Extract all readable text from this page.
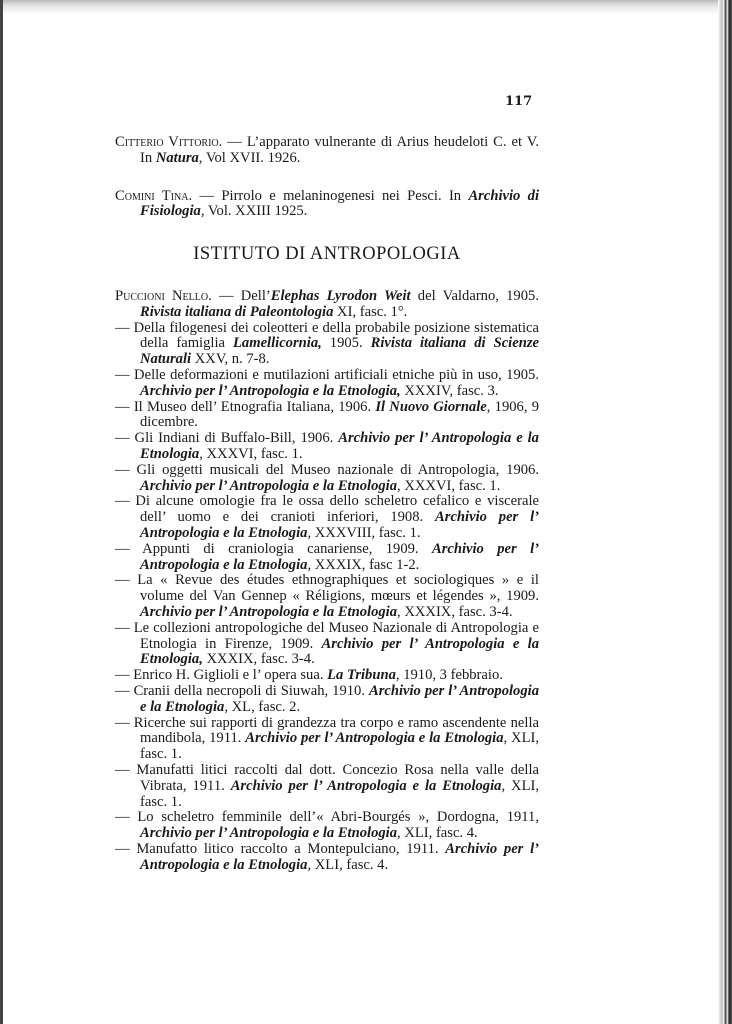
117

Citterio Vittorio. — L’apparato vulnerante di Arius heudeloti C. et V. In Natura, Vol XVII. 1926.

Comini Tina. — Pirrolo e melaninogenesi nei Pesci. In Archivio di Fisiologia, Vol. XXIII 1925.

ISTITUTO DI ANTROPOLOGIA

Puccioni Nello. — Dell’Elephas Lyrodon Weit del Valdarno, 1905. Rivista italiana di Paleontologia XI, fasc. 1°.

— Della filogenesi dei coleotteri e della probabile posizione sistematica della famiglia Lamellicornia, 1905. Rivista italiana di Scienze Naturali XXV, n. 7-8.

— Delle deformazioni e mutilazioni artificiali etniche più in uso, 1905. Archivio per l’ Antropologia e la Etnologia, XXXIV, fasc. 3.

— Il Museo dell’ Etnografia Italiana, 1906. Il Nuovo Giornale, 1906, 9 dicembre.

— Gli Indiani di Buffalo-Bill, 1906. Archivio per l’ Antropologia e la Etnologia, XXXVI, fasc. 1.

— Gli oggetti musicali del Museo nazionale di Antropologia, 1906. Archivio per l’ Antropologia e la Etnologia, XXXVI, fasc. 1.

— Di alcune omologie fra le ossa dello scheletro cefalico e viscerale dell’ uomo e dei cranioti inferiori, 1908. Archivio per l’ Antropologia e la Etnologia, XXXVIII, fasc. 1.

— Appunti di craniologia canariense, 1909. Archivio per l’ Antropologia e la Etnologia, XXXIX, fasc 1-2.

— La « Revue des études ethnographiques et sociologiques » e il volume del Van Gennep « Réligions, mœurs et légendes », 1909. Archivio per l’ Antropologia e la Etnologia, XXXIX, fasc. 3-4.

— Le collezioni antropologiche del Museo Nazionale di Antropologia e Etnologia in Firenze, 1909. Archivio per l’ Antropologia e la Etnologia, XXXIX, fasc. 3-4.

— Enrico H. Giglioli e l’ opera sua. La Tribuna, 1910, 3 febbraio.

— Cranii della necropoli di Siuwah, 1910. Archivio per l’ Antropologia e la Etnologia, XL, fasc. 2.

— Ricerche sui rapporti di grandezza tra corpo e ramo ascendente nella mandibola, 1911. Archivio per l’ Antropologia e la Etnologia, XLI, fasc. 1.

— Manufatti litici raccolti dal dott. Concezio Rosa nella valle della Vibrata, 1911. Archivio per l’ Antropologia e la Etnologia, XLI, fasc. 1.

— Lo scheletro femminile dell’« Abri-Bourgés », Dordogna, 1911, Archivio per l’ Antropologia e la Etnologia, XLI, fasc. 4.

— Manufatto litico raccolto a Montepulciano, 1911. Archivio per l’ Antropologia e la Etnologia, XLI, fasc. 4.
